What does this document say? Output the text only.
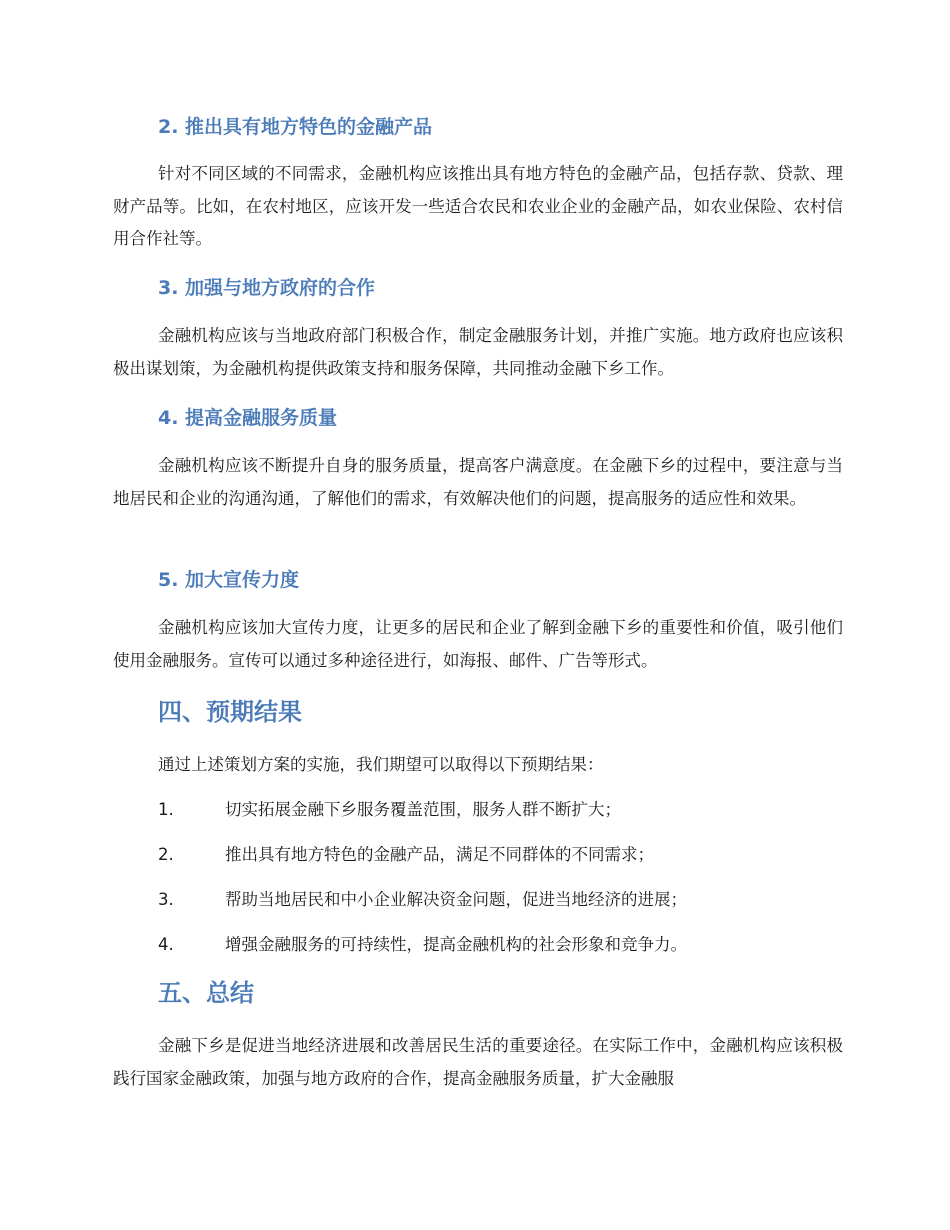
2. 推出具有地方特色的金融产品

针对不同区域的不同需求，金融机构应该推出具有地方特色的金融产品，包括存款、贷款、理财产品等。比如，在农村地区，应该开发一些适合农民和农业企业的金融产品，如农业保险、农村信用合作社等。

3. 加强与地方政府的合作

金融机构应该与当地政府部门积极合作，制定金融服务计划，并推广实施。地方政府也应该积极出谋划策，为金融机构提供政策支持和服务保障，共同推动金融下乡工作。

4. 提高金融服务质量

金融机构应该不断提升自身的服务质量，提高客户满意度。在金融下乡的过程中，要注意与当地居民和企业的沟通沟通，了解他们的需求，有效解决他们的问题，提高服务的适应性和效果。

5. 加大宣传力度

金融机构应该加大宣传力度，让更多的居民和企业了解到金融下乡的重要性和价值，吸引他们使用金融服务。宣传可以通过多种途径进行，如海报、邮件、广告等形式。

四、预期结果
通过上述策划方案的实施，我们期望可以取得以下预期结果：
1.	切实拓展金融下乡服务覆盖范围，服务人群不断扩大；
2.	推出具有地方特色的金融产品，满足不同群体的不同需求；
3.	帮助当地居民和中小企业解决资金问题，促进当地经济的进展；
4.	增强金融服务的可持续性，提高金融机构的社会形象和竞争力。
五、总结

金融下乡是促进当地经济进展和改善居民生活的重要途径。在实际工作中，金融机构应该积极践行国家金融政策，加强与地方政府的合作，提高金融服务质量，扩大金融服
